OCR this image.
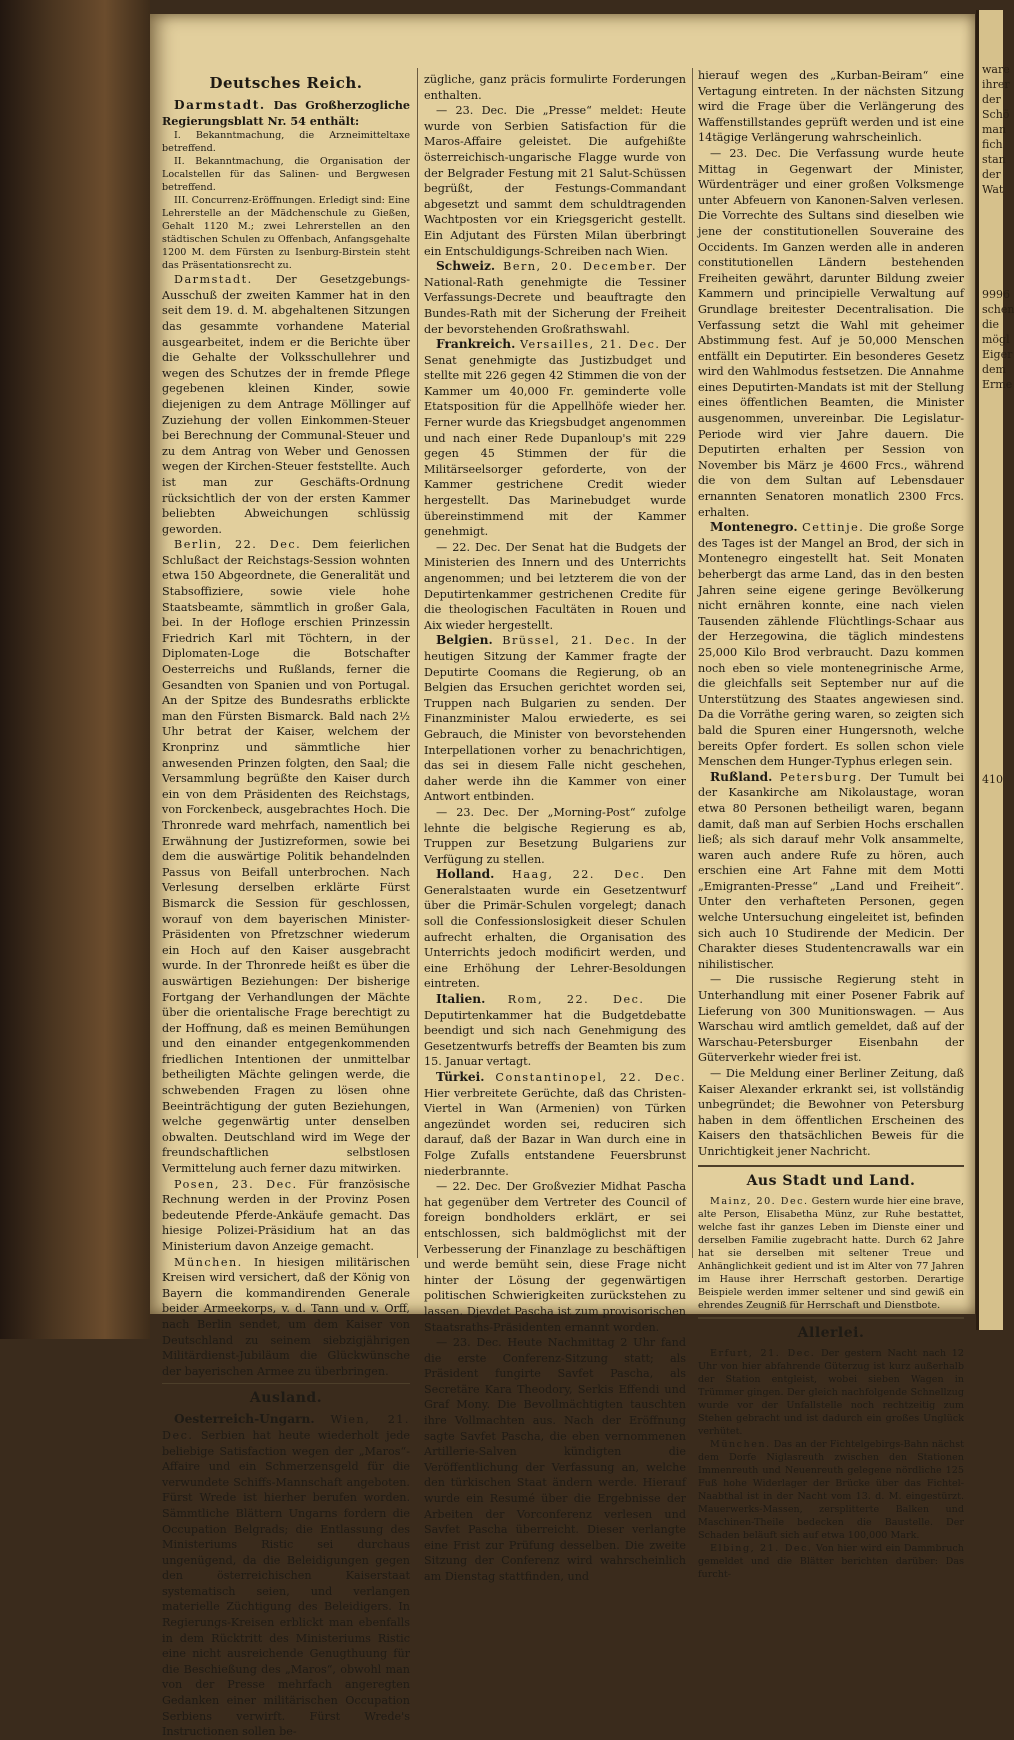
ware
ihrer
der
Schö
man
fich
stan
der
Wat
9996
schen
die
mögl
Eiger
dem
Erme
410
Deutsches Reich.

Darmstadt. Das Großherzogliche Regierungsblatt Nr. 54 enthält:

I. Bekanntmachung, die Arzneimitteltaxe betreffend.

II. Bekanntmachung, die Organisation der Localstellen für das Salinen- und Bergwesen betreffend.

III. Concurrenz-Eröffnungen. Erledigt sind: Eine Lehrerstelle an der Mädchenschule zu Gießen, Gehalt 1120 M.; zwei Lehrerstellen an den städtischen Schulen zu Offenbach, Anfangsgehalte 1200 M. dem Fürsten zu Isenburg-Birstein steht das Präsentationsrecht zu.

Darmstadt. Der Gesetzgebungs-Ausschuß der zweiten Kammer hat in den seit dem 19. d. M. abgehaltenen Sitzungen das gesammte vorhandene Material ausgearbeitet, indem er die Berichte über die Gehalte der Volksschullehrer und wegen des Schutzes der in fremde Pflege gegebenen kleinen Kinder, sowie diejenigen zu dem Antrage Möllinger auf Zuziehung der vollen Einkommen-Steuer bei Berechnung der Communal-Steuer und zu dem Antrag von Weber und Genossen wegen der Kirchen-Steuer feststellte. Auch ist man zur Geschäfts-Ordnung rücksichtlich der von der ersten Kammer beliebten Abweichungen schlüssig geworden.

Berlin, 22. Dec. Dem feierlichen Schlußact der Reichstags-Session wohnten etwa 150 Abgeordnete, die Generalität und Stabsoffiziere, sowie viele hohe Staatsbeamte, sämmtlich in großer Gala, bei. In der Hofloge erschien Prinzessin Friedrich Karl mit Töchtern, in der Diplomaten-Loge die Botschafter Oesterreichs und Rußlands, ferner die Gesandten von Spanien und von Portugal. An der Spitze des Bundesraths erblickte man den Fürsten Bismarck. Bald nach 2½ Uhr betrat der Kaiser, welchem der Kronprinz und sämmtliche hier anwesenden Prinzen folgten, den Saal; die Versammlung begrüßte den Kaiser durch ein von dem Präsidenten des Reichstags, von Forckenbeck, ausgebrachtes Hoch. Die Thronrede ward mehrfach, namentlich bei Erwähnung der Justizreformen, sowie bei dem die auswärtige Politik behandelnden Passus von Beifall unterbrochen. Nach Verlesung derselben erklärte Fürst Bismarck die Session für geschlossen, worauf von dem bayerischen Minister-Präsidenten von Pfretzschner wiederum ein Hoch auf den Kaiser ausgebracht wurde. In der Thronrede heißt es über die auswärtigen Beziehungen: Der bisherige Fortgang der Verhandlungen der Mächte über die orientalische Frage berechtigt zu der Hoffnung, daß es meinen Bemühungen und den einander entgegenkommenden friedlichen Intentionen der unmittelbar betheiligten Mächte gelingen werde, die schwebenden Fragen zu lösen ohne Beeinträchtigung der guten Beziehungen, welche gegenwärtig unter denselben obwalten. Deutschland wird im Wege der freundschaftlichen selbstlosen Vermittelung auch ferner dazu mitwirken.

Posen, 23. Dec. Für französische Rechnung werden in der Provinz Posen bedeutende Pferde-Ankäufe gemacht. Das hiesige Polizei-Präsidium hat an das Ministerium davon Anzeige gemacht.

München. In hiesigen militärischen Kreisen wird versichert, daß der König von Bayern die kommandirenden Generale beider Armeekorps, v. d. Tann und v. Orff, nach Berlin sendet, um dem Kaiser von Deutschland zu seinem siebzigjährigen Militärdienst-Jubiläum die Glückwünsche der bayerischen Armee zu überbringen.

Ausland.

Oesterreich-Ungarn. Wien, 21. Dec. Serbien hat heute wiederholt jede beliebige Satisfaction wegen der „Maros“-Affaire und ein Schmerzensgeld für die verwundete Schiffs-Mannschaft angeboten. Fürst Wrede ist hierher berufen worden. Sämmtliche Blättern Ungarns fordern die Occupation Belgrads; die Entlassung des Ministeriums Ristic sei durchaus ungenügend, da die Beleidigungen gegen den österreichischen Kaiserstaat systematisch seien, und verlangen materielle Züchtigung des Beleidigers. In Regierungs-Kreisen erblickt man ebenfalls in dem Rücktritt des Ministeriums Ristic eine nicht ausreichende Genugthuung für die Beschießung des „Maros“, obwohl man von der Presse mehrfach angeregten Gedanken einer militärischen Occupation Serbiens verwirft. Fürst Wrede's Instructionen sollen be-

zügliche, ganz präcis formulirte Forderungen enthalten.

— 23. Dec. Die „Presse“ meldet: Heute wurde von Serbien Satisfaction für die Maros-Affaire geleistet. Die aufgehißte österreichisch-ungarische Flagge wurde von der Belgrader Festung mit 21 Salut-Schüssen begrüßt, der Festungs-Commandant abgesetzt und sammt dem schuldtragenden Wachtposten vor ein Kriegsgericht gestellt. Ein Adjutant des Fürsten Milan überbringt ein Entschuldigungs-Schreiben nach Wien.

Schweiz. Bern, 20. December. Der National-Rath genehmigte die Tessiner Verfassungs-Decrete und beauftragte den Bundes-Rath mit der Sicherung der Freiheit der bevorstehenden Großrathswahl.

Frankreich. Versailles, 21. Dec. Der Senat genehmigte das Justizbudget und stellte mit 226 gegen 42 Stimmen die von der Kammer um 40,000 Fr. geminderte volle Etatsposition für die Appellhöfe wieder her. Ferner wurde das Kriegsbudget angenommen und nach einer Rede Dupanloup's mit 229 gegen 45 Stimmen der für die Militärseelsorger geforderte, von der Kammer gestrichene Credit wieder hergestellt. Das Marinebudget wurde übereinstimmend mit der Kammer genehmigt.

— 22. Dec. Der Senat hat die Budgets der Ministerien des Innern und des Unterrichts angenommen; und bei letzterem die von der Deputirtenkammer gestrichenen Credite für die theologischen Facultäten in Rouen und Aix wieder hergestellt.

Belgien. Brüssel, 21. Dec. In der heutigen Sitzung der Kammer fragte der Deputirte Coomans die Regierung, ob an Belgien das Ersuchen gerichtet worden sei, Truppen nach Bulgarien zu senden. Der Finanzminister Malou erwiederte, es sei Gebrauch, die Minister von bevorstehenden Interpellationen vorher zu benachrichtigen, das sei in diesem Falle nicht geschehen, daher werde ihn die Kammer von einer Antwort entbinden.

— 23. Dec. Der „Morning-Post“ zufolge lehnte die belgische Regierung es ab, Truppen zur Besetzung Bulgariens zur Verfügung zu stellen.

Holland. Haag, 22. Dec. Den Generalstaaten wurde ein Gesetzentwurf über die Primär-Schulen vorgelegt; danach soll die Confessionslosigkeit dieser Schulen aufrecht erhalten, die Organisation des Unterrichts jedoch modificirt werden, und eine Erhöhung der Lehrer-Besoldungen eintreten.

Italien. Rom, 22. Dec. Die Deputirtenkammer hat die Budgetdebatte beendigt und sich nach Genehmigung des Gesetzentwurfs betreffs der Beamten bis zum 15. Januar vertagt.

Türkei. Constantinopel, 22. Dec. Hier verbreitete Gerüchte, daß das Christen-Viertel in Wan (Armenien) von Türken angezündet worden sei, reduciren sich darauf, daß der Bazar in Wan durch eine in Folge Zufalls entstandene Feuersbrunst niederbrannte.

— 22. Dec. Der Großvezier Midhat Pascha hat gegenüber dem Vertreter des Council of foreign bondholders erklärt, er sei entschlossen, sich baldmöglichst mit der Verbesserung der Finanzlage zu beschäftigen und werde bemüht sein, diese Frage nicht hinter der Lösung der gegenwärtigen politischen Schwierigkeiten zurückstehen zu lassen. Djevdet Pascha ist zum provisorischen Staatsraths-Präsidenten ernannt worden.

— 23. Dec. Heute Nachmittag 2 Uhr fand die erste Conferenz-Sitzung statt; als Präsident fungirte Savfet Pascha, als Secretäre Kara Theodory, Serkis Effendi und Graf Mony. Die Bevollmächtigten tauschten ihre Vollmachten aus. Nach der Eröffnung sagte Savfet Pascha, die eben vernommenen Artillerie-Salven kündigten die Veröffentlichung der Verfassung an, welche den türkischen Staat ändern werde. Hierauf wurde ein Resumé über die Ergebnisse der Arbeiten der Vorconferenz verlesen und Savfet Pascha überreicht. Dieser verlangte eine Frist zur Prüfung desselben. Die zweite Sitzung der Conferenz wird wahrscheinlich am Dienstag stattfinden, und

hierauf wegen des „Kurban-Beiram“ eine Vertagung eintreten. In der nächsten Sitzung wird die Frage über die Verlängerung des Waffenstillstandes geprüft werden und ist eine 14tägige Verlängerung wahrscheinlich.

— 23. Dec. Die Verfassung wurde heute Mittag in Gegenwart der Minister, Würdenträger und einer großen Volksmenge unter Abfeuern von Kanonen-Salven verlesen. Die Vorrechte des Sultans sind dieselben wie jene der constitutionellen Souveraine des Occidents. Im Ganzen werden alle in anderen constitutionellen Ländern bestehenden Freiheiten gewährt, darunter Bildung zweier Kammern und principielle Verwaltung auf Grundlage breitester Decentralisation. Die Verfassung setzt die Wahl mit geheimer Abstimmung fest. Auf je 50,000 Menschen entfällt ein Deputirter. Ein besonderes Gesetz wird den Wahlmodus festsetzen. Die Annahme eines Deputirten-Mandats ist mit der Stellung eines öffentlichen Beamten, die Minister ausgenommen, unvereinbar. Die Legislatur-Periode wird vier Jahre dauern. Die Deputirten erhalten per Session von November bis März je 4600 Frcs., während die von dem Sultan auf Lebensdauer ernannten Senatoren monatlich 2300 Frcs. erhalten.

Montenegro. Cettinje. Die große Sorge des Tages ist der Mangel an Brod, der sich in Montenegro eingestellt hat. Seit Monaten beherbergt das arme Land, das in den besten Jahren seine eigene geringe Bevölkerung nicht ernähren konnte, eine nach vielen Tausenden zählende Flüchtlings-Schaar aus der Herzegowina, die täglich mindestens 25,000 Kilo Brod verbraucht. Dazu kommen noch eben so viele montenegrinische Arme, die gleichfalls seit September nur auf die Unterstützung des Staates angewiesen sind. Da die Vorräthe gering waren, so zeigten sich bald die Spuren einer Hungersnoth, welche bereits Opfer fordert. Es sollen schon viele Menschen dem Hunger-Typhus erlegen sein.

Rußland. Petersburg. Der Tumult bei der Kasankirche am Nikolaustage, woran etwa 80 Personen betheiligt waren, begann damit, daß man auf Serbien Hochs erschallen ließ; als sich darauf mehr Volk ansammelte, waren auch andere Rufe zu hören, auch erschien eine Art Fahne mit dem Motti „Emigranten-Presse“ „Land und Freiheit“. Unter den verhafteten Personen, gegen welche Untersuchung eingeleitet ist, befinden sich auch 10 Studirende der Medicin. Der Charakter dieses Studentencrawalls war ein nihilistischer.

— Die russische Regierung steht in Unterhandlung mit einer Posener Fabrik auf Lieferung von 300 Munitionswagen. — Aus Warschau wird amtlich gemeldet, daß auf der Warschau-Petersburger Eisenbahn der Güterverkehr wieder frei ist.

— Die Meldung einer Berliner Zeitung, daß Kaiser Alexander erkrankt sei, ist vollständig unbegründet; die Bewohner von Petersburg haben in dem öffentlichen Erscheinen des Kaisers den thatsächlichen Beweis für die Unrichtigkeit jener Nachricht.

Aus Stadt und Land.

Mainz, 20. Dec. Gestern wurde hier eine brave, alte Person, Elisabetha Münz, zur Ruhe bestattet, welche fast ihr ganzes Leben im Dienste einer und derselben Familie zugebracht hatte. Durch 62 Jahre hat sie derselben mit seltener Treue und Anhänglichkeit gedient und ist im Alter von 77 Jahren im Hause ihrer Herrschaft gestorben. Derartige Beispiele werden immer seltener und sind gewiß ein ehrendes Zeugniß für Herrschaft und Dienstbote.

Allerlei.

Erfurt, 21. Dec. Der gestern Nacht nach 12 Uhr von hier abfahrende Güterzug ist kurz außerhalb der Station entgleist, wobei sieben Wagen in Trümmer gingen. Der gleich nachfolgende Schnellzug wurde vor der Unfallstelle noch rechtzeitig zum Stehen gebracht und ist dadurch ein großes Unglück verhütet.

München. Das an der Fichtelgebirgs-Bahn nächst dem Dorfe Niglasreuth zwischen den Stationen Immenreuth und Neuenreuth gelegene nördliche 125 Fuß hohe Widerlager der Brücke über das Fichtel-Naabthal ist in der Nacht vom 13. d. M. eingestürzt. Mauerwerks-Massen, zersplitterte Balken und Maschinen-Theile bedecken die Baustelle. Der Schaden beläuft sich auf etwa 100,000 Mark.

Elbing, 21. Dec. Von hier wird ein Dammbruch gemeldet und die Blätter berichten darüber: Das furcht-
